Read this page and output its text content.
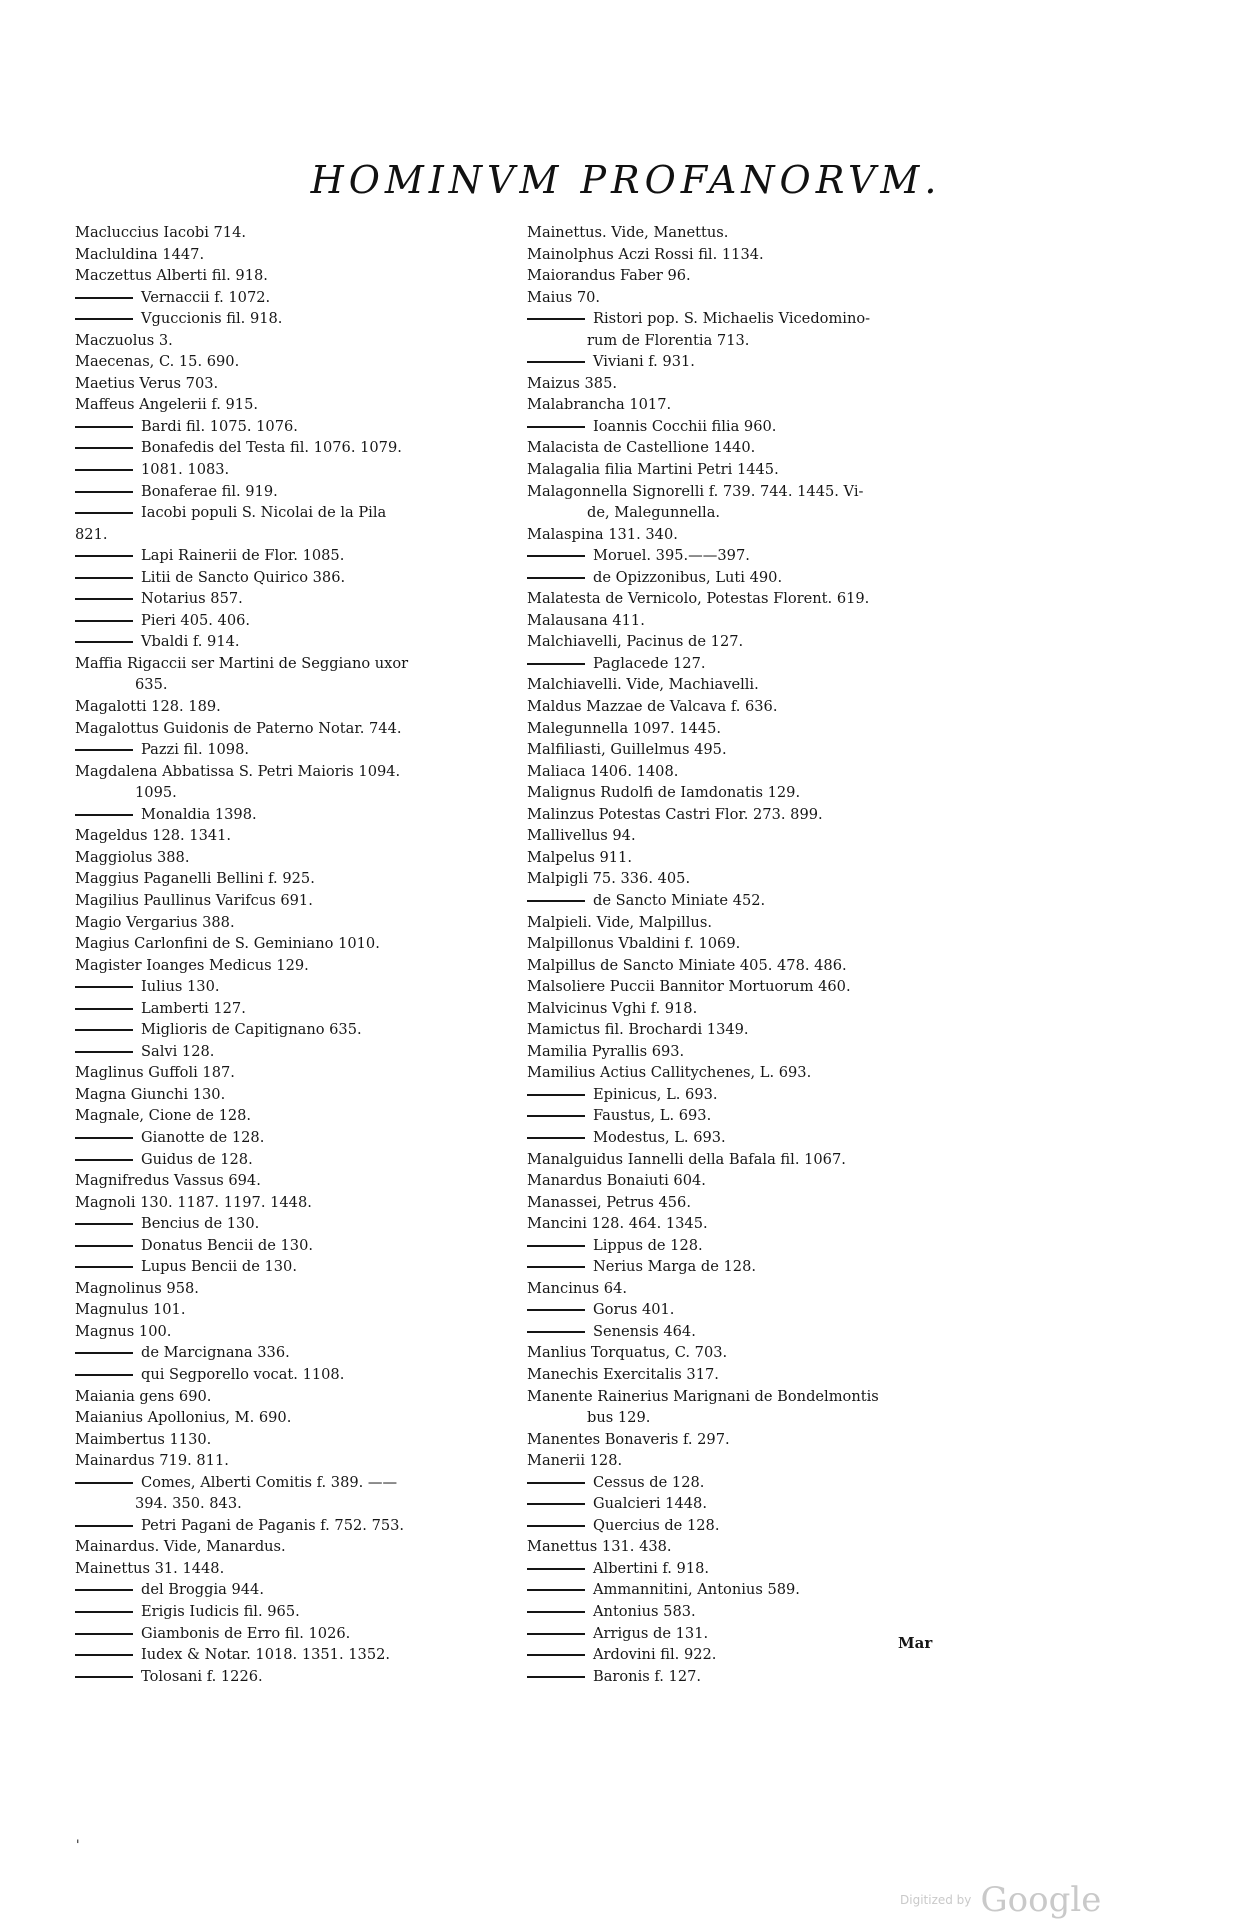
HOMINVM PROFANORVM.
Macluccius Iacobi 714.
Macluldina 1447.
Maczettus Alberti fil. 918.
Vernaccii f. 1072.
Vguccionis fil. 918.
Maczuolus 3.
Maecenas, C. 15. 690.
Maetius Verus 703.
Maffeus Angelerii f. 915.
Bardi fil. 1075. 1076.
Bonafedis del Testa fil. 1076. 1079.
1081. 1083.
Bonaferae fil. 919.
Iacobi populi S. Nicolai de la Pila
821.
Lapi Rainerii de Flor. 1085.
Litii de Sancto Quirico 386.
Notarius 857.
Pieri 405. 406.
Vbaldi f. 914.
Maffia Rigaccii ser Martini de Seggiano uxor
635.
Magalotti 128. 189.
Magalottus Guidonis de Paterno Notar. 744.
Pazzi fil. 1098.
Magdalena Abbatissa S. Petri Maioris 1094.
1095.
Monaldia 1398.
Mageldus 128. 1341.
Maggiolus 388.
Maggius Paganelli Bellini f. 925.
Magilius Paullinus Varifcus 691.
Magio Vergarius 388.
Magius Carlonfini de S. Geminiano 1010.
Magister Ioanges Medicus 129.
Iulius 130.
Lamberti 127.
Miglioris de Capitignano 635.
Salvi 128.
Maglinus Guffoli 187.
Magna Giunchi 130.
Magnale, Cione de 128.
Gianotte de 128.
Guidus de 128.
Magnifredus Vassus 694.
Magnoli 130. 1187. 1197. 1448.
Bencius de 130.
Donatus Bencii de 130.
Lupus Bencii de 130.
Magnolinus 958.
Magnulus 101.
Magnus 100.
de Marcignana 336.
qui Segporello vocat. 1108.
Maiania gens 690.
Maianius Apollonius, M. 690.
Maimbertus 1130.
Mainardus 719. 811.
Comes, Alberti Comitis f. 389. ——
394. 350. 843.
Petri Pagani de Paganis f. 752. 753.
Mainardus. Vide, Manardus.
Mainettus 31. 1448.
del Broggia 944.
Erigis Iudicis fil. 965.
Giambonis de Erro fil. 1026.
Iudex & Notar. 1018. 1351. 1352.
Tolosani f. 1226.
Mainettus. Vide, Manettus.
Mainolphus Aczi Rossi fil. 1134.
Maiorandus Faber 96.
Maius 70.
Ristori pop. S. Michaelis Vicedomino-
rum de Florentia 713.
Viviani f. 931.
Maizus 385.
Malabrancha 1017.
Ioannis Cocchii filia 960.
Malacista de Castellione 1440.
Malagalia filia Martini Petri 1445.
Malagonnella Signorelli f. 739. 744. 1445. Vi-
de, Malegunnella.
Malaspina 131. 340.
Moruel. 395.——397.
de Opizzonibus, Luti 490.
Malatesta de Vernicolo, Potestas Florent. 619.
Malausana 411.
Malchiavelli, Pacinus de 127.
Paglacede 127.
Malchiavelli. Vide, Machiavelli.
Maldus Mazzae de Valcava f. 636.
Malegunnella 1097. 1445.
Malfiliasti, Guillelmus 495.
Maliaca 1406. 1408.
Malignus Rudolfi de Iamdonatis 129.
Malinzus Potestas Castri Flor. 273. 899.
Mallivellus 94.
Malpelus 911.
Malpigli 75. 336. 405.
de Sancto Miniate 452.
Malpieli. Vide, Malpillus.
Malpillonus Vbaldini f. 1069.
Malpillus de Sancto Miniate 405. 478. 486.
Malsoliere Puccii Bannitor Mortuorum 460.
Malvicinus Vghi f. 918.
Mamictus fil. Brochardi 1349.
Mamilia Pyrallis 693.
Mamilius Actius Callitychenes, L. 693.
Epinicus, L. 693.
Faustus, L. 693.
Modestus, L. 693.
Manalguidus Iannelli della Bafala fil. 1067.
Manardus Bonaiuti 604.
Manassei, Petrus 456.
Mancini 128. 464. 1345.
Lippus de 128.
Nerius Marga de 128.
Mancinus 64.
Gorus 401.
Senensis 464.
Manlius Torquatus, C. 703.
Manechis Exercitalis 317.
Manente Rainerius Marignani de Bondelmontis
bus 129.
Manentes Bonaveris f. 297.
Manerii 128.
Cessus de 128.
Gualcieri 1448.
Quercius de 128.
Manettus 131. 438.
Albertini f. 918.
Ammannitini, Antonius 589.
Antonius 583.
Arrigus de 131.
Ardovini fil. 922.
Baronis f. 127.
Mar
'
Digitized by Google
